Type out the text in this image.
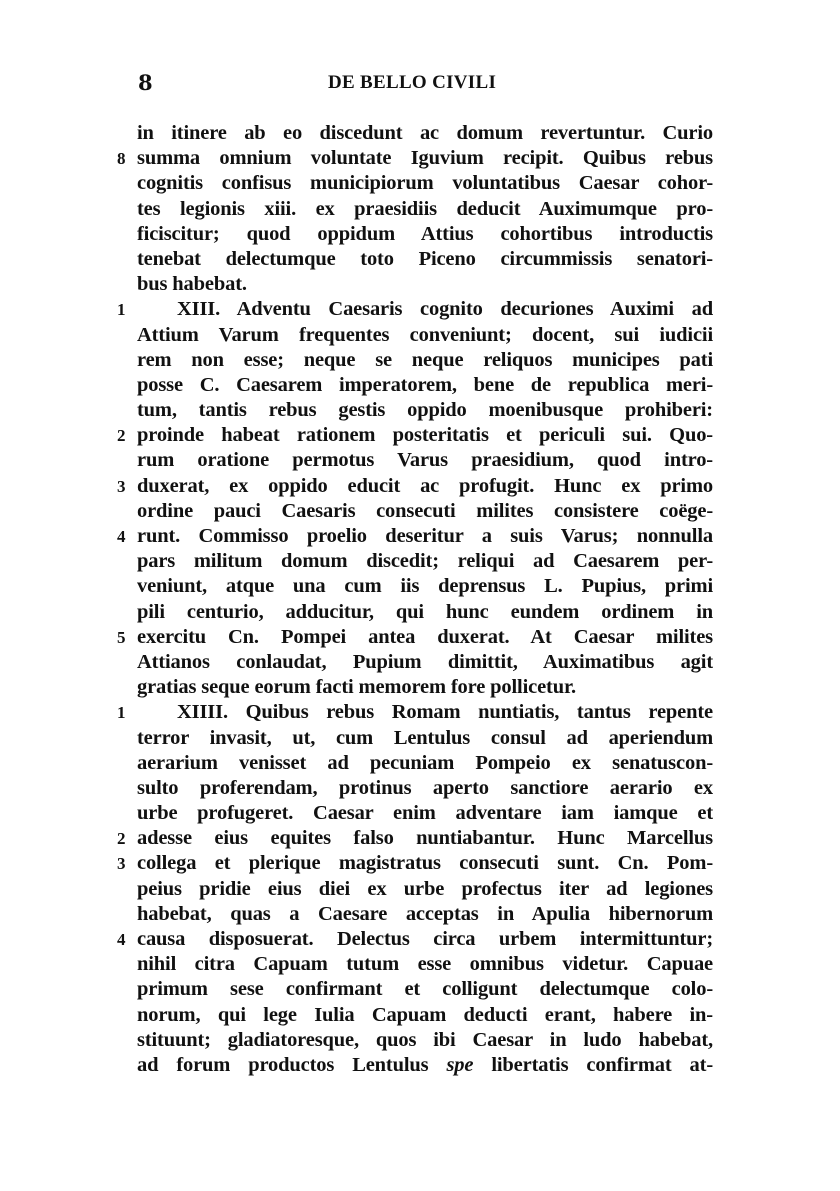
8	DE BELLO CIVILI
in itinere ab eo discedunt ac domum revertuntur. Curio
8 summa omnium voluntate Iguvium recipit. Quibus rebus
cognitis confisus municipiorum voluntatibus Caesar cohor-
tes legionis xiii. ex praesidiis deducit Auximumque pro-
ficiscitur; quod oppidum Attius cohortibus introductis
tenebat delectumque toto Piceno circummissis senatori-
bus habebat.
1	XIII. Adventu Caesaris cognito decuriones Auximi ad
Attium Varum frequentes conveniunt; docent, sui iudicii
rem non esse; neque se neque reliquos municipes pati
posse C. Caesarem imperatorem, bene de republica meri-
tum, tantis rebus gestis oppido moenibusque prohiberi:
2 proinde habeat rationem posteritatis et periculi sui. Quo-
rum oratione permotus Varus praesidium, quod intro-
3 duxerat, ex oppido educit ac profugit. Hunc ex primo
ordine pauci Caesaris consecuti milites consistere coëge-
4 runt. Commisso proelio deseritur a suis Varus; nonnulla
pars militum domum discedit; reliqui ad Caesarem per-
veniunt, atque una cum iis deprensus L. Pupius, primi
pili centurio, adducitur, qui hunc eundem ordinem in
5 exercitu Cn. Pompei antea duxerat. At Caesar milites
Attianos conlaudat, Pupium dimittit, Auximatibus agit
gratias seque eorum facti memorem fore pollicetur.
1	XIIII. Quibus rebus Romam nuntiatis, tantus repente
terror invasit, ut, cum Lentulus consul ad aperiendum
aerarium venisset ad pecuniam Pompeio ex senatuscon-
sulto proferendam, protinus aperto sanctiore aerario ex
urbe profugeret. Caesar enim adventare iam iamque et
2 adesse eius equites falso nuntiabantur. Hunc Marcellus
3 collega et plerique magistratus consecuti sunt. Cn. Pom-
peius pridie eius diei ex urbe profectus iter ad legiones
habebat, quas a Caesare acceptas in Apulia hibernorum
4 causa disposuerat. Delectus circa urbem intermittuntur;
nihil citra Capuam tutum esse omnibus videtur. Capuae
primum sese confirmant et colligunt delectumque colo-
norum, qui lege Iulia Capuam deducti erant, habere in-
stituunt; gladiatoresque, quos ibi Caesar in ludo habebat,
ad forum productos Lentulus spe libertatis confirmat at-
